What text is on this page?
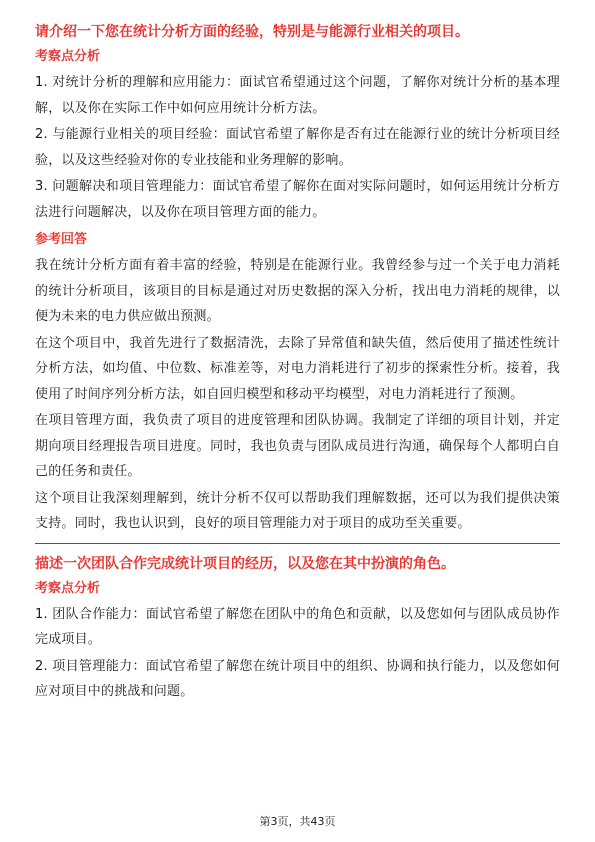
请介绍一下您在统计分析方面的经验，特别是与能源行业相关的项目。

考察点分析

1. 对统计分析的理解和应用能力：面试官希望通过这个问题，了解你对统计分析的基本理解，以及你在实际工作中如何应用统计分析方法。

2. 与能源行业相关的项目经验：面试官希望了解你是否有过在能源行业的统计分析项目经验，以及这些经验对你的专业技能和业务理解的影响。

3. 问题解决和项目管理能力：面试官希望了解你在面对实际问题时，如何运用统计分析方法进行问题解决，以及你在项目管理方面的能力。

参考回答

我在统计分析方面有着丰富的经验，特别是在能源行业。我曾经参与过一个关于电力消耗的统计分析项目，该项目的目标是通过对历史数据的深入分析，找出电力消耗的规律，以便为未来的电力供应做出预测。

在这个项目中，我首先进行了数据清洗，去除了异常值和缺失值，然后使用了描述性统计分析方法，如均值、中位数、标准差等，对电力消耗进行了初步的探索性分析。接着，我使用了时间序列分析方法，如自回归模型和移动平均模型，对电力消耗进行了预测。

在项目管理方面，我负责了项目的进度管理和团队协调。我制定了详细的项目计划，并定期向项目经理报告项目进度。同时，我也负责与团队成员进行沟通，确保每个人都明白自己的任务和责任。

这个项目让我深刻理解到，统计分析不仅可以帮助我们理解数据，还可以为我们提供决策支持。同时，我也认识到，良好的项目管理能力对于项目的成功至关重要。

描述一次团队合作完成统计项目的经历，以及您在其中扮演的角色。

考察点分析

1. 团队合作能力：面试官希望了解您在团队中的角色和贡献，以及您如何与团队成员协作完成项目。

2. 项目管理能力：面试官希望了解您在统计项目中的组织、协调和执行能力，以及您如何应对项目中的挑战和问题。

第3页，共43页
